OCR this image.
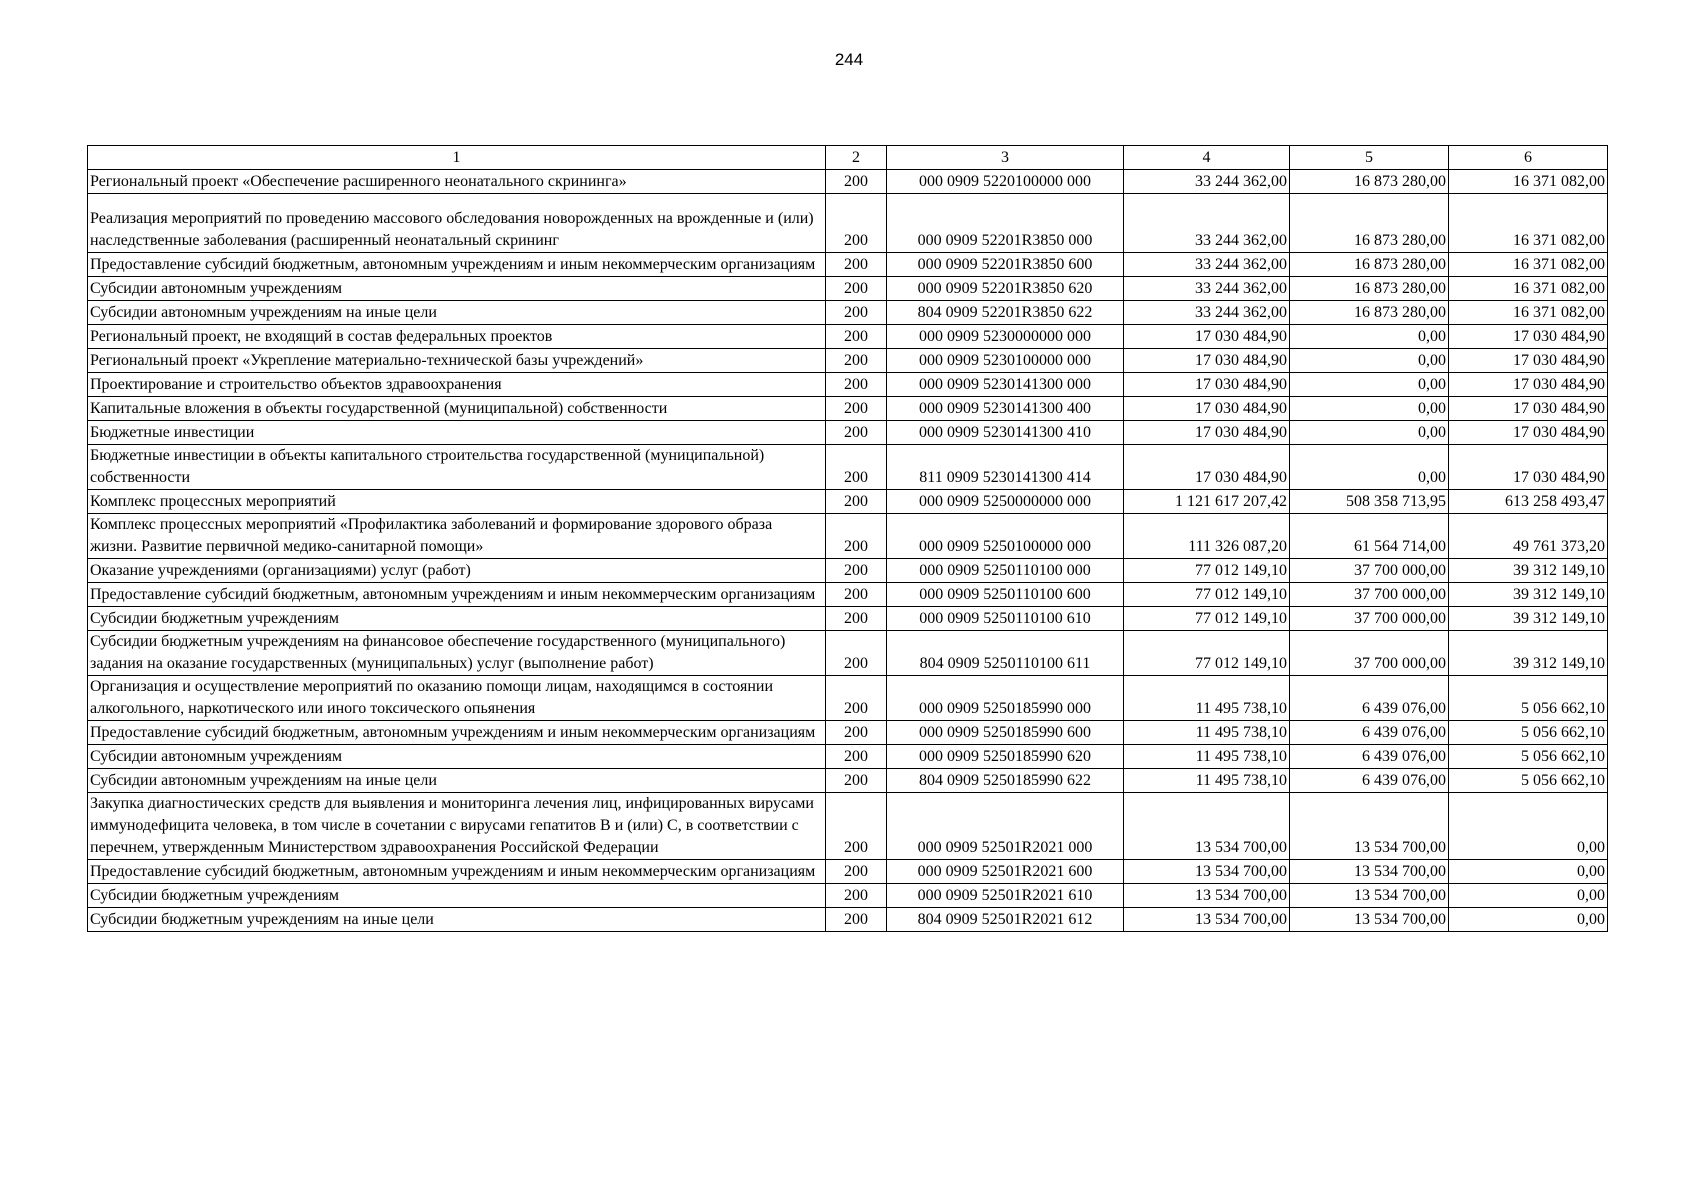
244
1	2	3	4	5	6
Региональный проект «Обеспечение расширенного неонатального скрининга»	200	000 0909 5220100000 000	33 244 362,00	16 873 280,00	16 371 082,00
Реализация мероприятий по проведению массового обследования новорожденных на врожденные и (или) наследственные заболевания (расширенный неонатальный скрининг	200	000 0909 52201R3850 000	33 244 362,00	16 873 280,00	16 371 082,00
Предоставление субсидий бюджетным, автономным учреждениям и иным некоммерческим организациям	200	000 0909 52201R3850 600	33 244 362,00	16 873 280,00	16 371 082,00
Субсидии автономным учреждениям	200	000 0909 52201R3850 620	33 244 362,00	16 873 280,00	16 371 082,00
Субсидии автономным учреждениям на иные цели	200	804 0909 52201R3850 622	33 244 362,00	16 873 280,00	16 371 082,00
Региональный проект, не входящий в состав федеральных проектов	200	000 0909 5230000000 000	17 030 484,90	0,00	17 030 484,90
Региональный проект «Укрепление материально-технической базы учреждений»	200	000 0909 5230100000 000	17 030 484,90	0,00	17 030 484,90
Проектирование и строительство объектов здравоохранения	200	000 0909 5230141300 000	17 030 484,90	0,00	17 030 484,90
Капитальные вложения в объекты государственной (муниципальной) собственности	200	000 0909 5230141300 400	17 030 484,90	0,00	17 030 484,90
Бюджетные инвестиции	200	000 0909 5230141300 410	17 030 484,90	0,00	17 030 484,90
Бюджетные инвестиции в объекты капитального строительства государственной (муниципальной) собственности	200	811 0909 5230141300 414	17 030 484,90	0,00	17 030 484,90
Комплекс процессных мероприятий	200	000 0909 5250000000 000	1 121 617 207,42	508 358 713,95	613 258 493,47
Комплекс процессных мероприятий «Профилактика заболеваний и формирование здорового образа жизни. Развитие первичной медико-санитарной помощи»	200	000 0909 5250100000 000	111 326 087,20	61 564 714,00	49 761 373,20
Оказание учреждениями (организациями) услуг (работ)	200	000 0909 5250110100 000	77 012 149,10	37 700 000,00	39 312 149,10
Предоставление субсидий бюджетным, автономным учреждениям и иным некоммерческим организациям	200	000 0909 5250110100 600	77 012 149,10	37 700 000,00	39 312 149,10
Субсидии бюджетным учреждениям	200	000 0909 5250110100 610	77 012 149,10	37 700 000,00	39 312 149,10
Субсидии бюджетным учреждениям на финансовое обеспечение государственного (муниципального) задания на оказание государственных (муниципальных) услуг (выполнение работ)	200	804 0909 5250110100 611	77 012 149,10	37 700 000,00	39 312 149,10
Организация и осуществление мероприятий по оказанию помощи лицам, находящимся в состоянии алкогольного, наркотического или иного токсического опьянения	200	000 0909 5250185990 000	11 495 738,10	6 439 076,00	5 056 662,10
Предоставление субсидий бюджетным, автономным учреждениям и иным некоммерческим организациям	200	000 0909 5250185990 600	11 495 738,10	6 439 076,00	5 056 662,10
Субсидии автономным учреждениям	200	000 0909 5250185990 620	11 495 738,10	6 439 076,00	5 056 662,10
Субсидии автономным учреждениям на иные цели	200	804 0909 5250185990 622	11 495 738,10	6 439 076,00	5 056 662,10
Закупка диагностических средств для выявления и мониторинга лечения лиц, инфицированных вирусами иммунодефицита человека, в том числе в сочетании с вирусами гепатитов B и (или) C, в соответствии с перечнем, утвержденным Министерством здравоохранения Российской Федерации	200	000 0909 52501R2021 000	13 534 700,00	13 534 700,00	0,00
Предоставление субсидий бюджетным, автономным учреждениям и иным некоммерческим организациям	200	000 0909 52501R2021 600	13 534 700,00	13 534 700,00	0,00
Субсидии бюджетным учреждениям	200	000 0909 52501R2021 610	13 534 700,00	13 534 700,00	0,00
Субсидии бюджетным учреждениям на иные цели	200	804 0909 52501R2021 612	13 534 700,00	13 534 700,00	0,00
